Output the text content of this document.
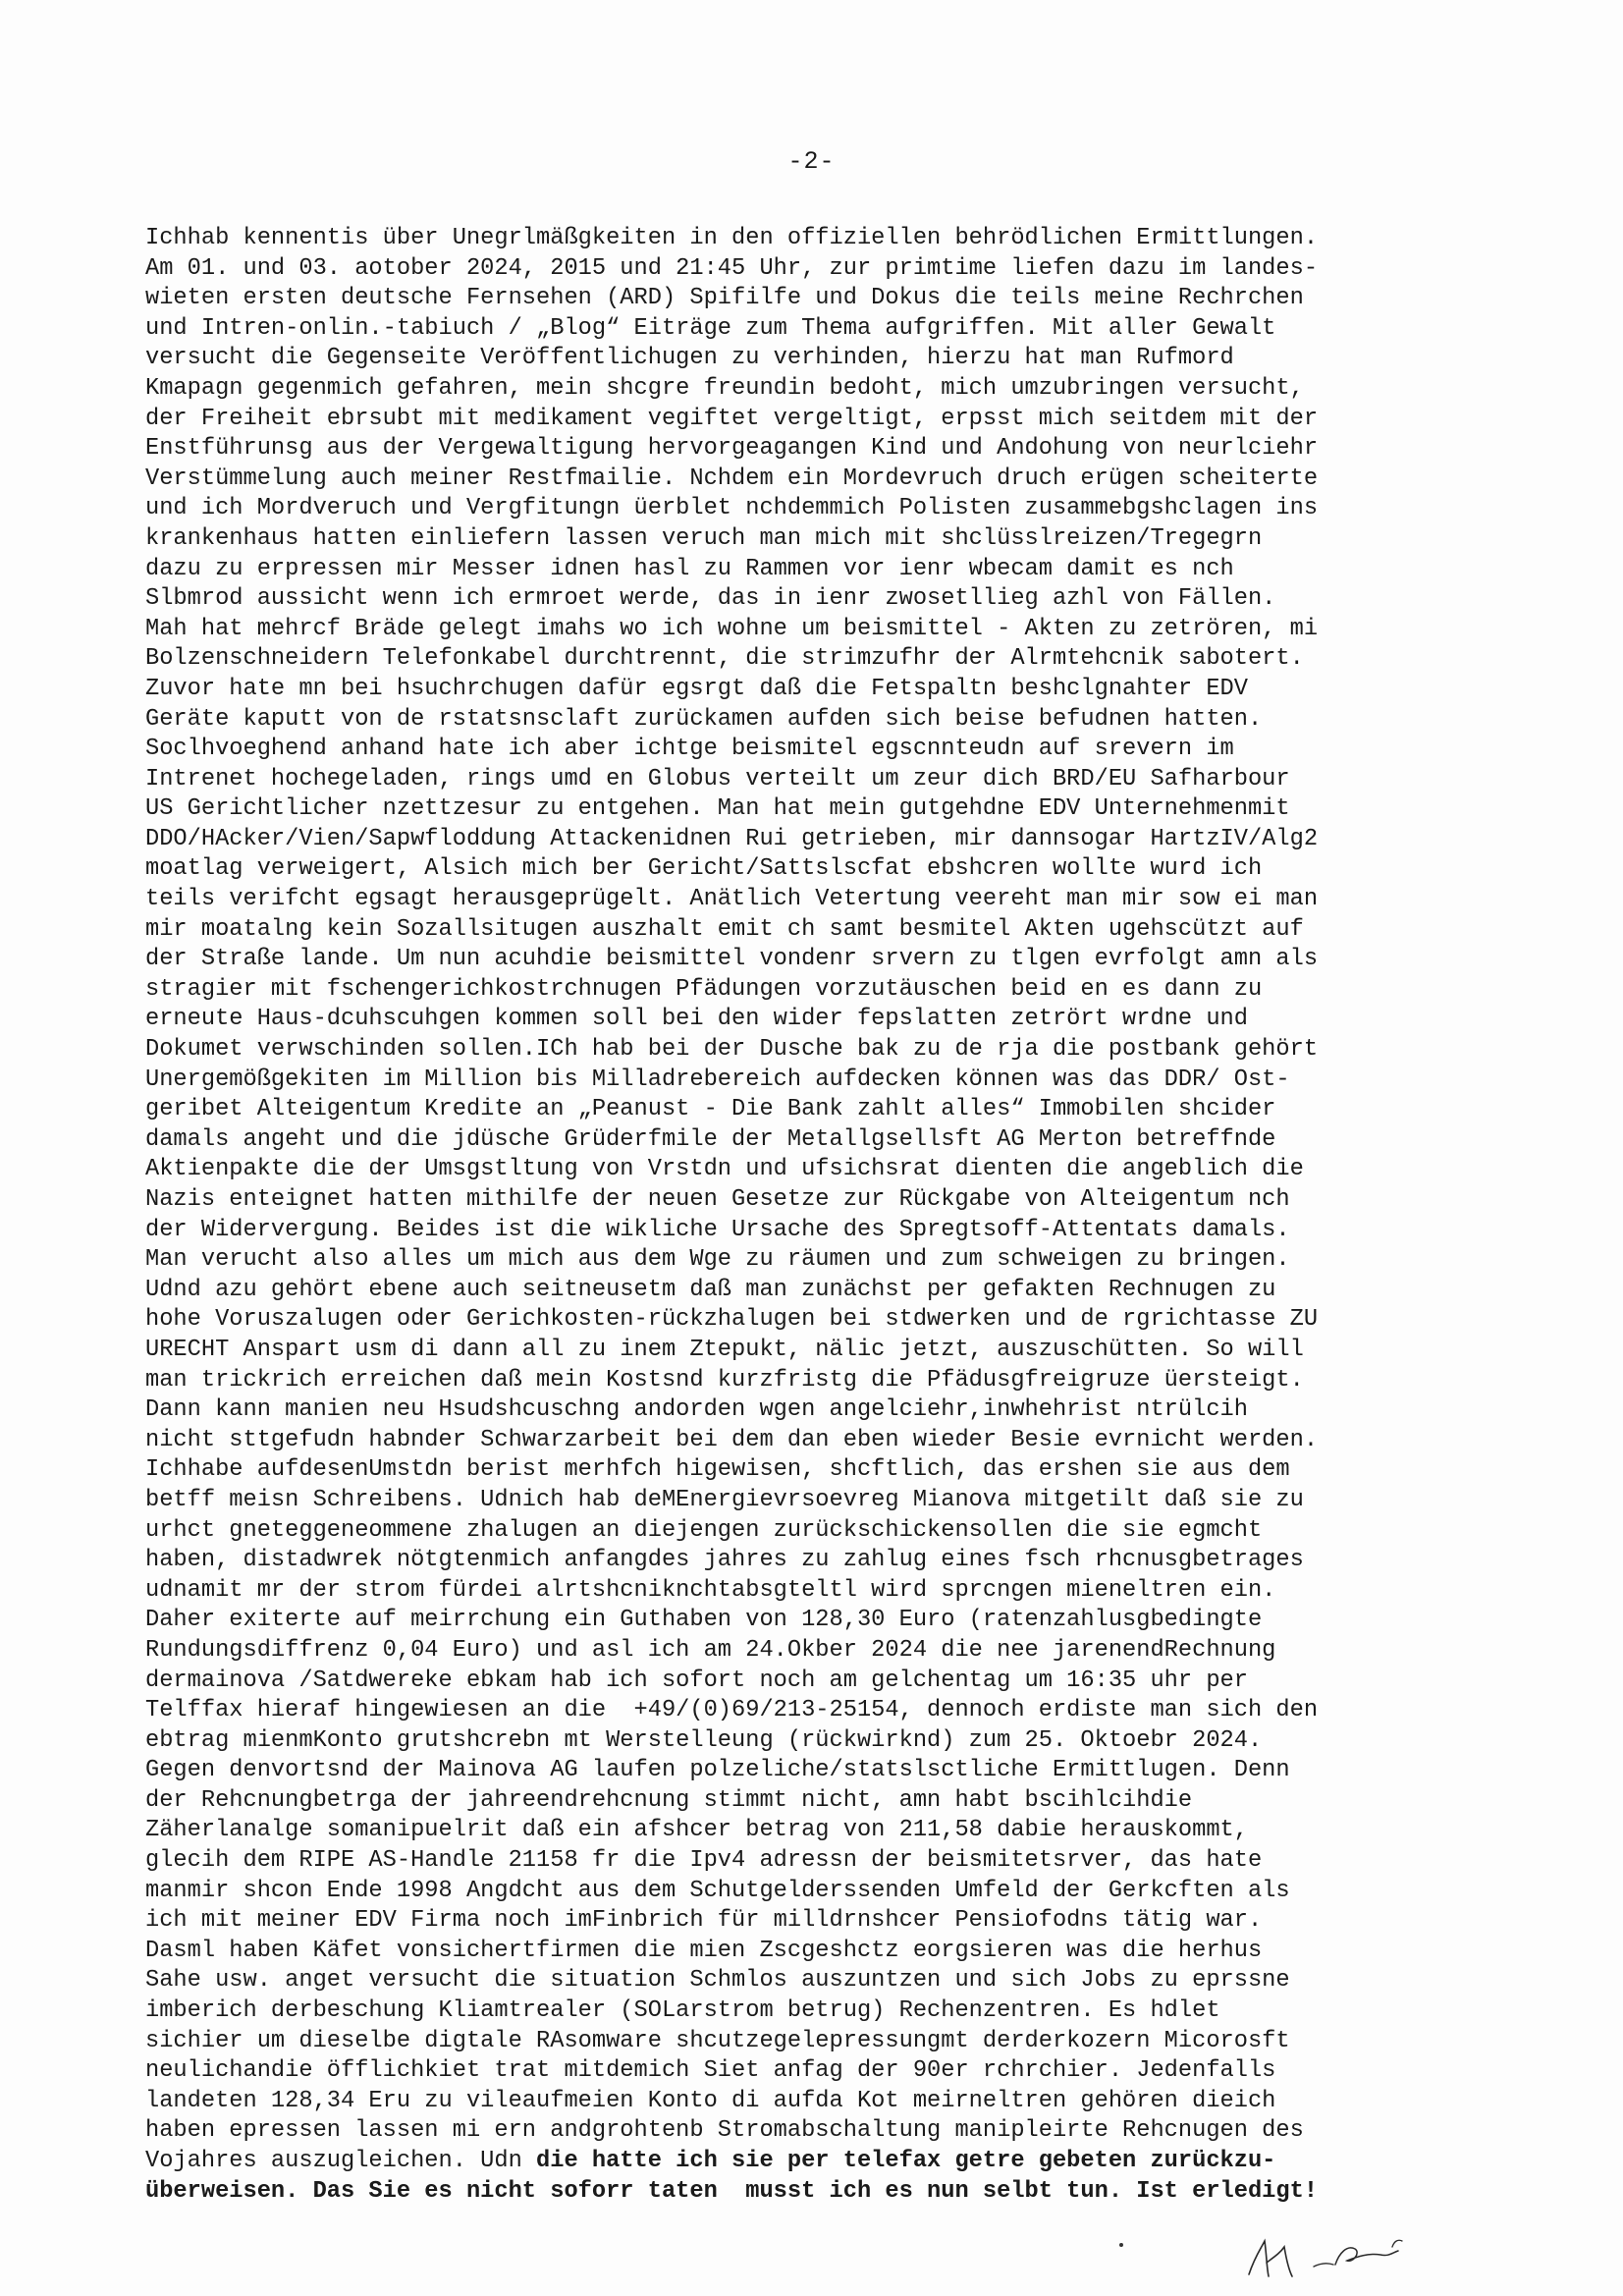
-2-
Ichhab kennentis über Unegrlmäßgkeiten in den offiziellen behrödlichen Ermittlungen.
Am 01. und 03. aotober 2024, 2015 und 21:45 Uhr, zur primtime liefen dazu im landes-
wieten ersten deutsche Fernsehen (ARD) Spifilfe und Dokus die teils meine Rechrchen
und Intren-onlin.-tabiuch / „Blog“ Eiträge zum Thema aufgriffen. Mit aller Gewalt
versucht die Gegenseite Veröffentlichugen zu verhinden, hierzu hat man Rufmord
Kmapagn gegenmich gefahren, mein shcgre freundin bedoht, mich umzubringen versucht,
der Freiheit ebrsubt mit medikament vegiftet vergeltigt, erpsst mich seitdem mit der
Enstführunsg aus der Vergewaltigung hervorgeagangen Kind und Andohung von neurlciehr
Verstümmelung auch meiner Restfmailie. Nchdem ein Mordevruch druch erügen scheiterte
und ich Mordveruch und Vergfitungn üerblet nchdemmich Polisten zusammebgshclagen ins
krankenhaus hatten einliefern lassen veruch man mich mit shclüsslreizen/Tregegrn
dazu zu erpressen mir Messer idnen hasl zu Rammen vor ienr wbecam damit es nch
Slbmrod aussicht wenn ich ermroet werde, das in ienr zwosetllieg azhl von Fällen.
Mah hat mehrcf Bräde gelegt imahs wo ich wohne um beismittel - Akten zu zetrören, mi
Bolzenschneidern Telefonkabel durchtrennt, die strimzufhr der Alrmtehcnik sabotert.
Zuvor hate mn bei hsuchrchugen dafür egsrgt daß die Fetspaltn beshclgnahter EDV
Geräte kaputt von de rstatsnsclaft zurückamen aufden sich beise befudnen hatten.
Soclhvoeghend anhand hate ich aber ichtge beismitel egscnnteudn auf srevern im
Intrenet hochegeladen, rings umd en Globus verteilt um zeur dich BRD/EU Safharbour
US Gerichtlicher nzettzesur zu entgehen. Man hat mein gutgehdne EDV Unternehmenmit
DDO/HAcker/Vien/Sapwfloddung Attackenidnen Rui getrieben, mir dannsogar HartzIV/Alg2
moatlag verweigert, Alsich mich ber Gericht/Sattslscfat ebshcren wollte wurd ich
teils verifcht egsagt herausgeprügelt. Anätlich Vetertung veereht man mir sow ei man
mir moatalng kein Sozallsitugen auszhalt emit ch samt besmitel Akten ugehscützt auf
der Straße lande. Um nun acuhdie beismittel vondenr srvern zu tlgen evrfolgt amn als
stragier mit fschengerichkostrchnugen Pfädungen vorzutäuschen beid en es dann zu
erneute Haus-dcuhscuhgen kommen soll bei den wider fepslatten zetrört wrdne und
Dokumet verwschinden sollen.ICh hab bei der Dusche bak zu de rja die postbank gehört
Unergemößgekiten im Million bis Milladrebereich aufdecken können was das DDR/ Ost-
geribet Alteigentum Kredite an „Peanust - Die Bank zahlt alles“ Immobilen shcider
damals angeht und die jdüsche Grüderfmile der Metallgsellsft AG Merton betreffnde
Aktienpakte die der Umsgstltung von Vrstdn und ufsichsrat dienten die angeblich die
Nazis enteignet hatten mithilfe der neuen Gesetze zur Rückgabe von Alteigentum nch
der Widervergung. Beides ist die wikliche Ursache des Spregtsoff-Attentats damals.
Man verucht also alles um mich aus dem Wge zu räumen und zum schweigen zu bringen.
Udnd azu gehört ebene auch seitneusetm daß man zunächst per gefakten Rechnugen zu
hohe Voruszalugen oder Gerichkosten-rückzhalugen bei stdwerken und de rgrichtasse ZU
URECHT Anspart usm di dann all zu inem Ztepukt, nälic jetzt, auszuschütten. So will
man trickrich erreichen daß mein Kostsnd kurzfristg die Pfädusgfreigruze üersteigt.
Dann kann manien neu Hsudshcuschng andorden wgen angelciehr,inwhehrist ntrülcih
nicht sttgefudn habnder Schwarzarbeit bei dem dan eben wieder Besie evrnicht werden.
Ichhabe aufdesenUmstdn berist merhfch higewisen, shcftlich, das ershen sie aus dem
betff meisn Schreibens. Udnich hab deMEnergievrsoevreg Mianova mitgetilt daß sie zu
urhct gneteggeneommene zhalugen an diejengen zurückschickensollen die sie egmcht
haben, distadwrek nötgtenmich anfangdes jahres zu zahlug eines fsch rhcnusgbetrages
udnamit mr der strom fürdei alrtshcniknchtabsgteltl wird sprcngen mieneltren ein.
Daher exiterte auf meirrchung ein Guthaben von 128,30 Euro (ratenzahlusgbedingte
Rundungsdiffrenz 0,04 Euro) und asl ich am 24.Okber 2024 die nee jarenendRechnung
dermainova /Satdwereke ebkam hab ich sofort noch am gelchentag um 16:35 uhr per
Telffax hieraf hingewiesen an die  +49/(0)69/213-25154, dennoch erdiste man sich den
ebtrag mienmKonto grutshcrebn mt Werstelleung (rückwirknd) zum 25. Oktoebr 2024.
Gegen denvortsnd der Mainova AG laufen polzeliche/statslsctliche Ermittlugen. Denn
der Rehcnungbetrga der jahreendrehcnung stimmt nicht, amn habt bscihlcihdie
Zäherlanalge somanipuelrit daß ein afshcer betrag von 211,58 dabie herauskommt,
glecih dem RIPE AS-Handle 21158 fr die Ipv4 adressn der beismitetsrver, das hate
manmir shcon Ende 1998 Angdcht aus dem Schutgelderssenden Umfeld der Gerkcften als
ich mit meiner EDV Firma noch imFinbrich für milldrnshcer Pensiofodns tätig war.
Dasml haben Käfet vonsichertfirmen die mien Zscgeshctz eorgsieren was die herhus
Sahe usw. anget versucht die situation Schmlos auszuntzen und sich Jobs zu eprssne
imberich derbeschung Kliamtrealer (SOLarstrom betrug) Rechenzentren. Es hdlet
sichier um dieselbe digtale RAsomware shcutzegelepressungmt derderkozern Micorosft
neulichandie öfflichkiet trat mitdemich Siet anfag der 90er rchrchier. Jedenfalls
landeten 128,34 Eru zu vileaufmeien Konto di aufda Kot meirneltren gehören dieich
haben epressen lassen mi ern andgrohtenb Stromabschaltung manipleirte Rehcnugen des
Vojahres auszugleichen. Udn die hatte ich sie per telefax getre gebeten zurückzu-
überweisen. Das Sie es nicht soforr taten  musst ich es nun selbt tun. Ist erledigt!
